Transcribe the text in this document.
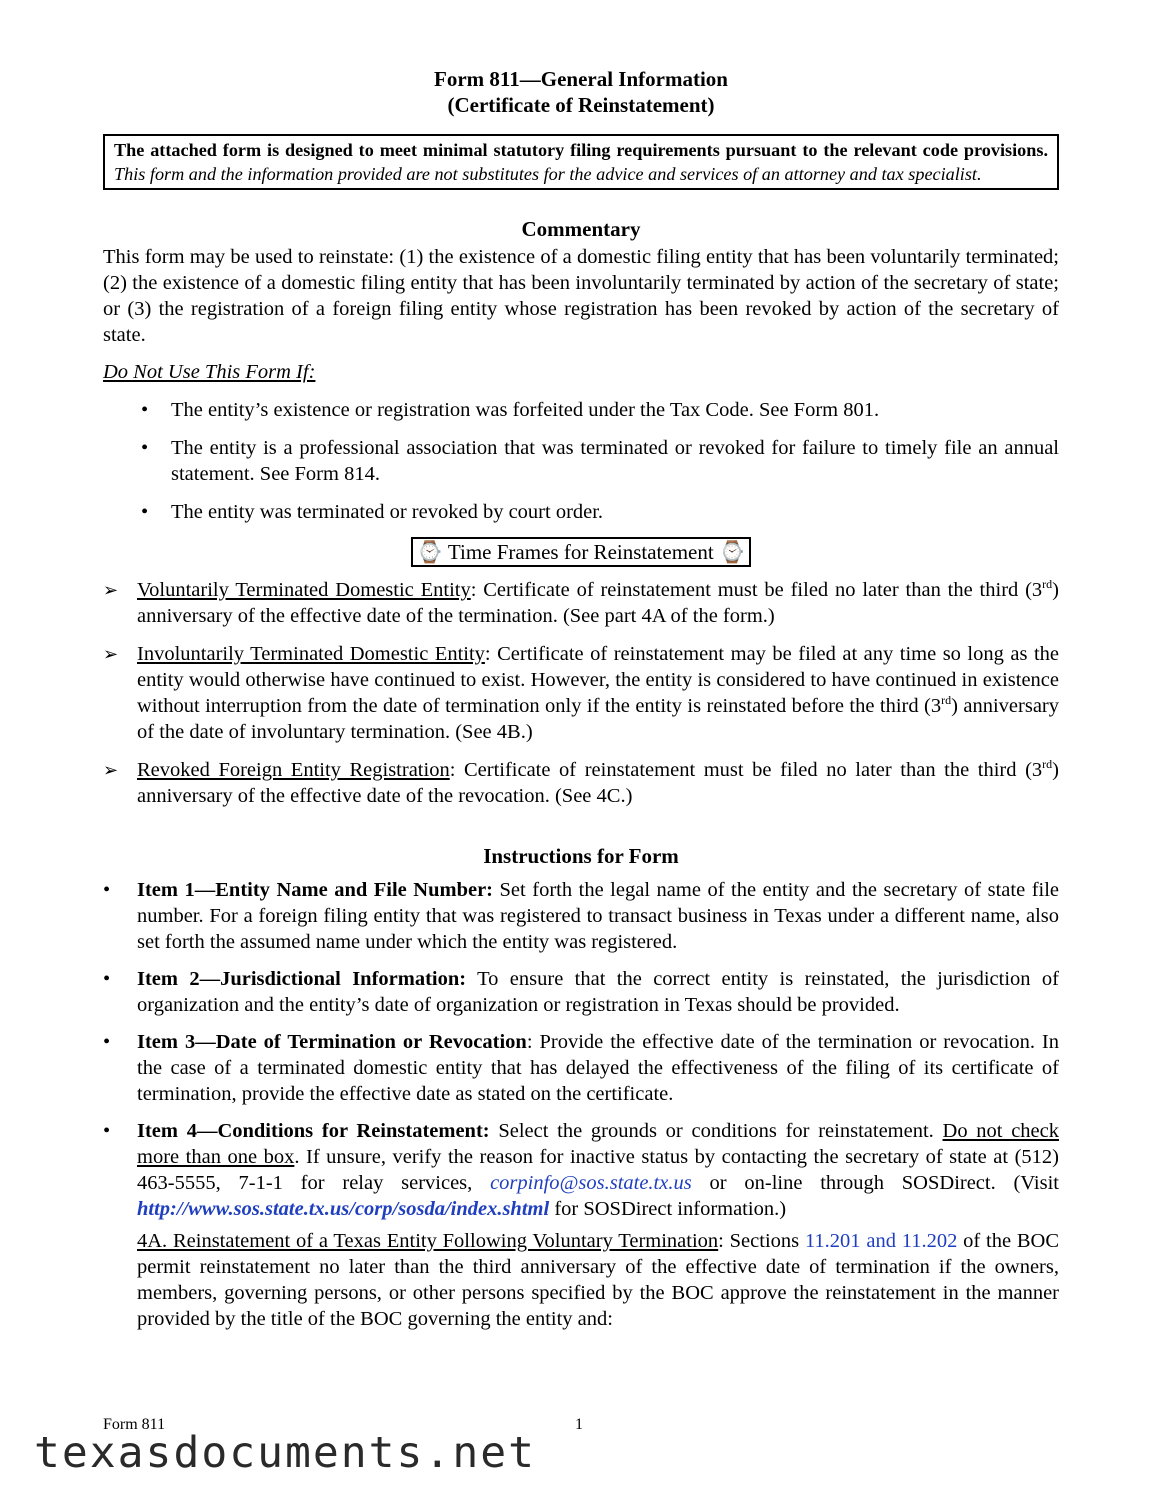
Form 811—General Information
(Certificate of Reinstatement)
The attached form is designed to meet minimal statutory filing requirements pursuant to the relevant code provisions. This form and the information provided are not substitutes for the advice and services of an attorney and tax specialist.
Commentary

This form may be used to reinstate: (1) the existence of a domestic filing entity that has been voluntarily terminated; (2) the existence of a domestic filing entity that has been involuntarily terminated by action of the secretary of state; or (3) the registration of a foreign filing entity whose registration has been revoked by action of the secretary of state.

Do Not Use This Form If:
• The entity’s existence or registration was forfeited under the Tax Code. See Form 801.
• The entity is a professional association that was terminated or revoked for failure to timely file an annual statement. See Form 814.
• The entity was terminated or revoked by court order.
⌚ Time Frames for Reinstatement ⌚
➢ Voluntarily Terminated Domestic Entity: Certificate of reinstatement must be filed no later than the third (3rd) anniversary of the effective date of the termination. (See part 4A of the form.)
➢ Involuntarily Terminated Domestic Entity: Certificate of reinstatement may be filed at any time so long as the entity would otherwise have continued to exist. However, the entity is considered to have continued in existence without interruption from the date of termination only if the entity is reinstated before the third (3rd) anniversary of the date of involuntary termination. (See 4B.)
➢ Revoked Foreign Entity Registration: Certificate of reinstatement must be filed no later than the third (3rd) anniversary of the effective date of the revocation. (See 4C.)
Instructions for Form
• Item 1—Entity Name and File Number: Set forth the legal name of the entity and the secretary of state file number. For a foreign filing entity that was registered to transact business in Texas under a different name, also set forth the assumed name under which the entity was registered.
• Item 2—Jurisdictional Information: To ensure that the correct entity is reinstated, the jurisdiction of organization and the entity’s date of organization or registration in Texas should be provided.
• Item 3—Date of Termination or Revocation: Provide the effective date of the termination or revocation. In the case of a terminated domestic entity that has delayed the effectiveness of the filing of its certificate of termination, provide the effective date as stated on the certificate.
• Item 4—Conditions for Reinstatement: Select the grounds or conditions for reinstatement. Do not check more than one box. If unsure, verify the reason for inactive status by contacting the secretary of state at (512) 463-5555, 7-1-1 for relay services, corpinfo@sos.state.tx.us or on-line through SOSDirect. (Visit http://www.sos.state.tx.us/corp/sosda/index.shtml for SOSDirect information.)
4A. Reinstatement of a Texas Entity Following Voluntary Termination: Sections 11.201 and 11.202 of the BOC permit reinstatement no later than the third anniversary of the effective date of termination if the owners, members, governing persons, or other persons specified by the BOC approve the reinstatement in the manner provided by the title of the BOC governing the entity and:
Form 811	1
texasdocuments.net
